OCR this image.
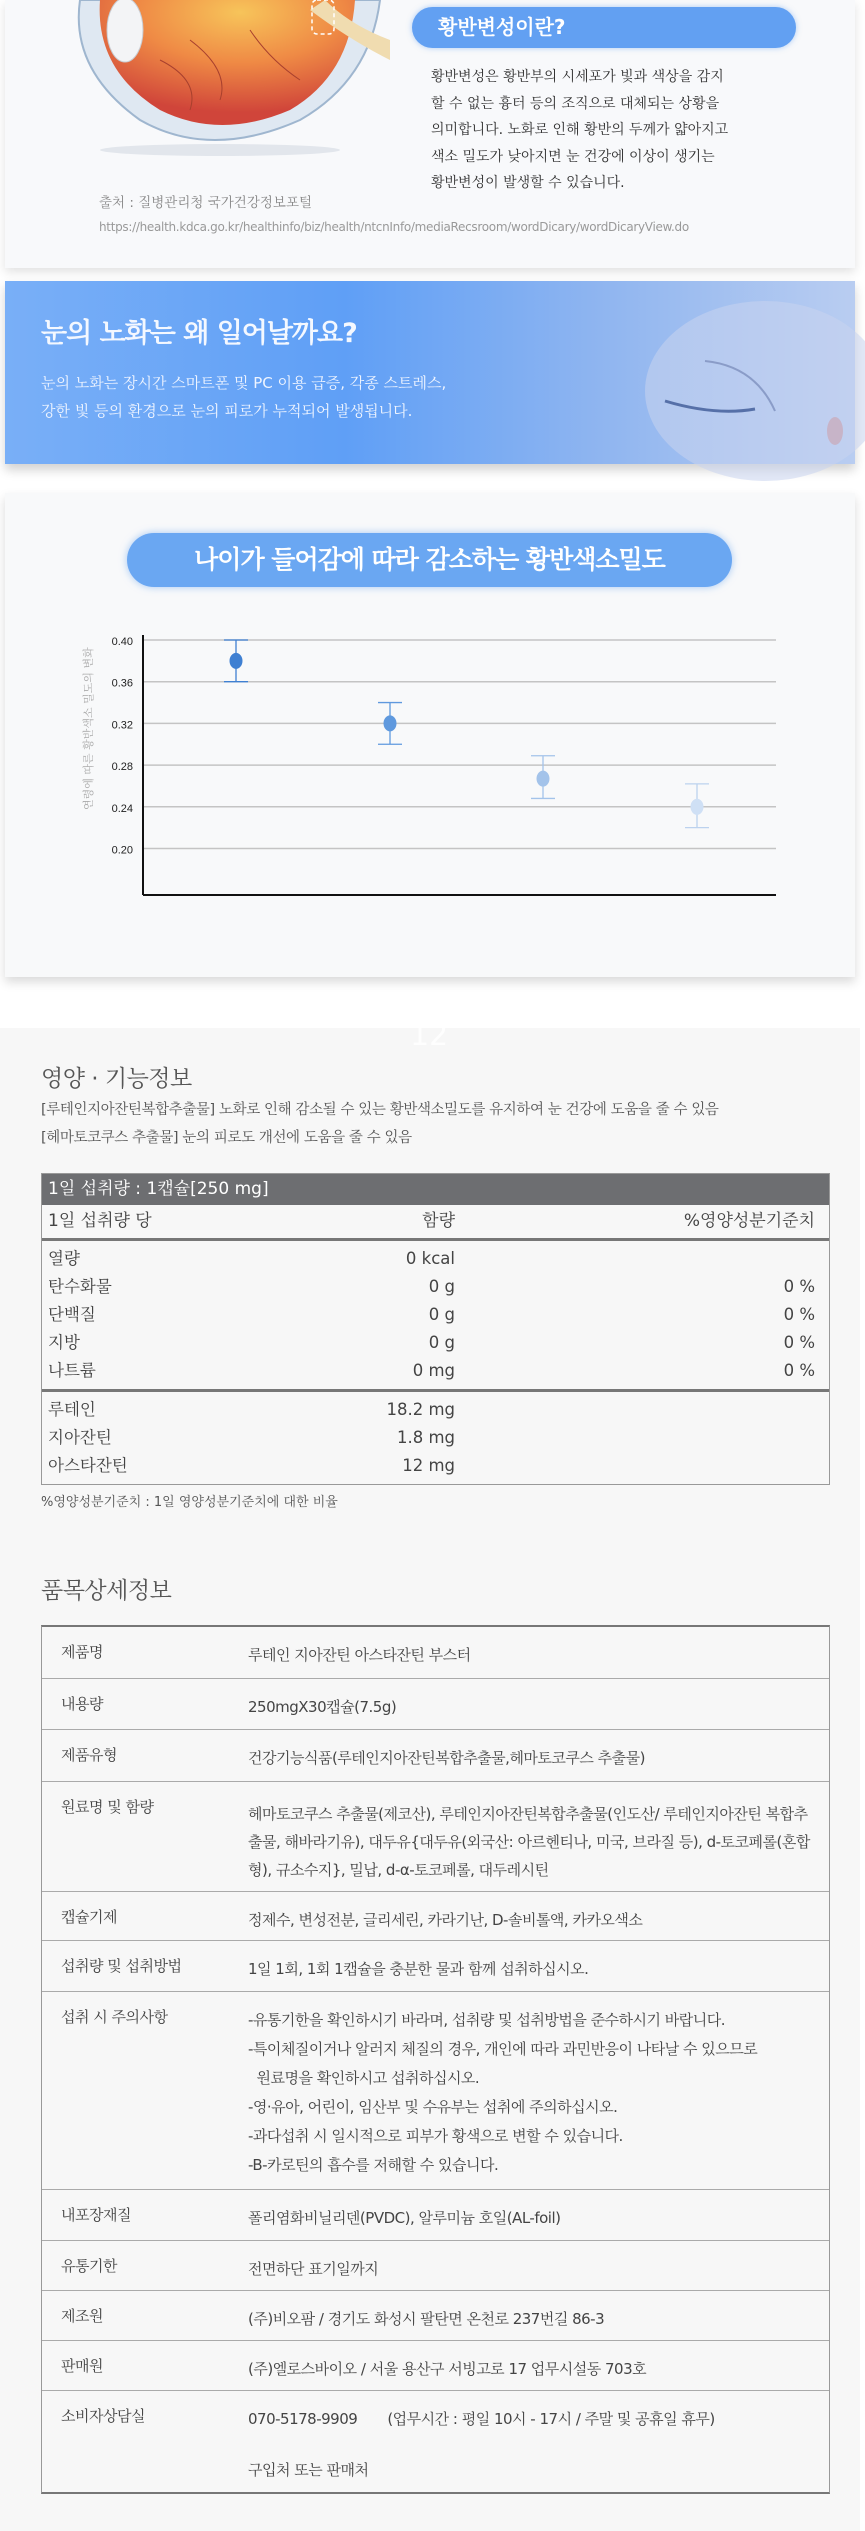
황반변성이란?
황반변성은 황반부의 시세포가 빛과 색상을 감지
할 수 없는 흉터 등의 조직으로 대체되는 상황을
의미합니다. 노화로 인해 황반의 두께가 얇아지고
색소 밀도가 낮아지면 눈 건강에 이상이 생기는
황반변성이 발생할 수 있습니다.
출처 : 질병관리청 국가건강정보포털
https://health.kdca.go.kr/healthinfo/biz/health/ntcnInfo/mediaRecsroom/wordDicary/wordDicaryView.do
눈의 노화는 왜 일어날까요?
눈의 노화는 장시간 스마트폰 및 PC 이용 급증, 각종 스트레스,
강한 빛 등의 환경으로 눈의 피로가 누적되어 발생됩니다.
나이가 들어감에 따라 감소하는 황반색소밀도
0.40
0.36
0.32
0.28
0.24
0.20
연령에 따른 황반색소 밀도의 변화
12
영양 · 기능정보
[루테인지아잔틴복합추출물] 노화로 인해 감소될 수 있는 황반색소밀도를 유지하여 눈 건강에 도움을 줄 수 있음
[헤마토코쿠스 추출물] 눈의 피로도 개선에 도움을 줄 수 있음
1일 섭취량 : 1캡슐[250 mg]
1일 섭취량 당	함량	%영양성분기준치
열량	0 kcal
탄수화물	0 g	0 %
단백질	0 g	0 %
지방	0 g	0 %
나트륨	0 mg	0 %
루테인	18.2 mg
지아잔틴	1.8 mg
아스타잔틴	12 mg
%영양성분기준치 : 1일 영양성분기준치에 대한 비율
품목상세정보
제품명	루테인 지아잔틴 아스타잔틴 부스터
내용량	250mgX30캡슐(7.5g)
제품유형	건강기능식품(루테인지아잔틴복합추출물,헤마토코쿠스 추출물)
원료명 및 함량	헤마토코쿠스 추출물(제코산), 루테인지아잔틴복합추출물(인도산/ 루테인지아잔틴 복합추출물, 해바라기유), 대두유{대두유(외국산: 아르헨티나, 미국, 브라질 등), d-토코페롤(혼합형), 규소수지}, 밀납, d-α-토코페롤, 대두레시틴
캡슐기제	정제수, 변성전분, 글리세린, 카라기난, D-솔비톨액, 카카오색소
섭취량 및 섭취방법	1일 1회, 1회 1캡슐을 충분한 물과 함께 섭취하십시오.
섭취 시 주의사항	-유통기한을 확인하시기 바라며, 섭취량 및 섭취방법을 준수하시기 바랍니다.
-특이체질이거나 알러지 체질의 경우, 개인에 따라 과민반응이 나타날 수 있으므로
원료명을 확인하시고 섭취하십시오.
-영·유아, 어린이, 임산부 및 수유부는 섭취에 주의하십시오.
-과다섭취 시 일시적으로 피부가 황색으로 변할 수 있습니다.
-B-카로틴의 흡수를 저해할 수 있습니다.
내포장재질	폴리염화비닐리덴(PVDC), 알루미늄 호일(AL-foil)
유통기한	전면하단 표기일까지
제조원	(주)비오팜 / 경기도 화성시 팔탄면 온천로 237번길 86-3
판매원	(주)엘로스바이오 / 서울 용산구 서빙고로 17 업무시설동 703호
소비자상담실	070-5178-9909 (업무시간 : 평일 10시 - 17시 / 주말 및 공휴일 휴무)
구입처 또는 판매처
